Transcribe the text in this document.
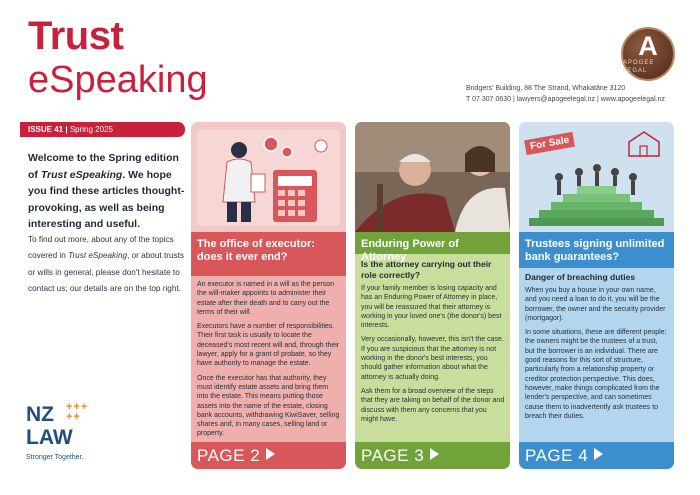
Trust
eSpeaking
A
APOGEE LEGAL
Bridgers' Building, 88 The Strand, Whakatāne 3120
T 07 307 0630 | lawyers@apogeelegal.nz | www.apogeelegal.nz
ISSUE 41 | Spring 2025
Welcome to the Spring edition of Trust eSpeaking. We hope you find these articles thought-provoking, as well as being interesting and useful.
To find out more, about any of the topics covered in Trust eSpeaking, or about trusts or wills in general, please don't hesitate to contact us; our details are on the top right.
NZ +++
++
LAW
Stronger Together.
The office of executor: does it ever end?

An executor is named in a will as the person the will-maker appoints to administer their estate after their death and to carry out the terms of their will.

Executors have a number of responsibilities. Their first task is usually to locate the deceased's most recent will and, through their lawyer, apply for a grant of probate, so they have authority to manage the estate.

Once the executor has that authority, they must identify estate assets and bring them into the estate. This means putting those assets into the name of the estate, closing bank accounts, withdrawing KiwiSaver, selling shares and, in many cases, selling land or property.

PAGE 2
Enduring Power of Attorney
Is the attorney carrying out their role correctly?

If your family member is losing capacity and has an Enduring Power of Attorney in place, you will be reassured that their attorney is working in your loved one's (the donor's) best interests.

Very occasionally, however, this isn't the case. If you are suspicious that the attorney is not working in the donor's best interests, you should gather information about what the attorney is actually doing.

Ask them for a broad overview of the steps that they are taking on behalf of the donor and discuss with them any concerns that you might have.

PAGE 3
For Sale
Trustees signing unlimited bank guarantees?
Danger of breaching duties

When you buy a house in your own name, and you need a loan to do it, you will be the borrower, the owner and the security provider (mortgagor).

In some situations, these are different people: the owners might be the trustees of a trust, but the borrower is an individual. There are good reasons for this sort of structure, particularly from a relationship property or creditor protection perspective. This does, however, make things complicated from the lender's perspective, and can sometimes cause them to inadvertently ask trustees to breach their duties.

PAGE 4
